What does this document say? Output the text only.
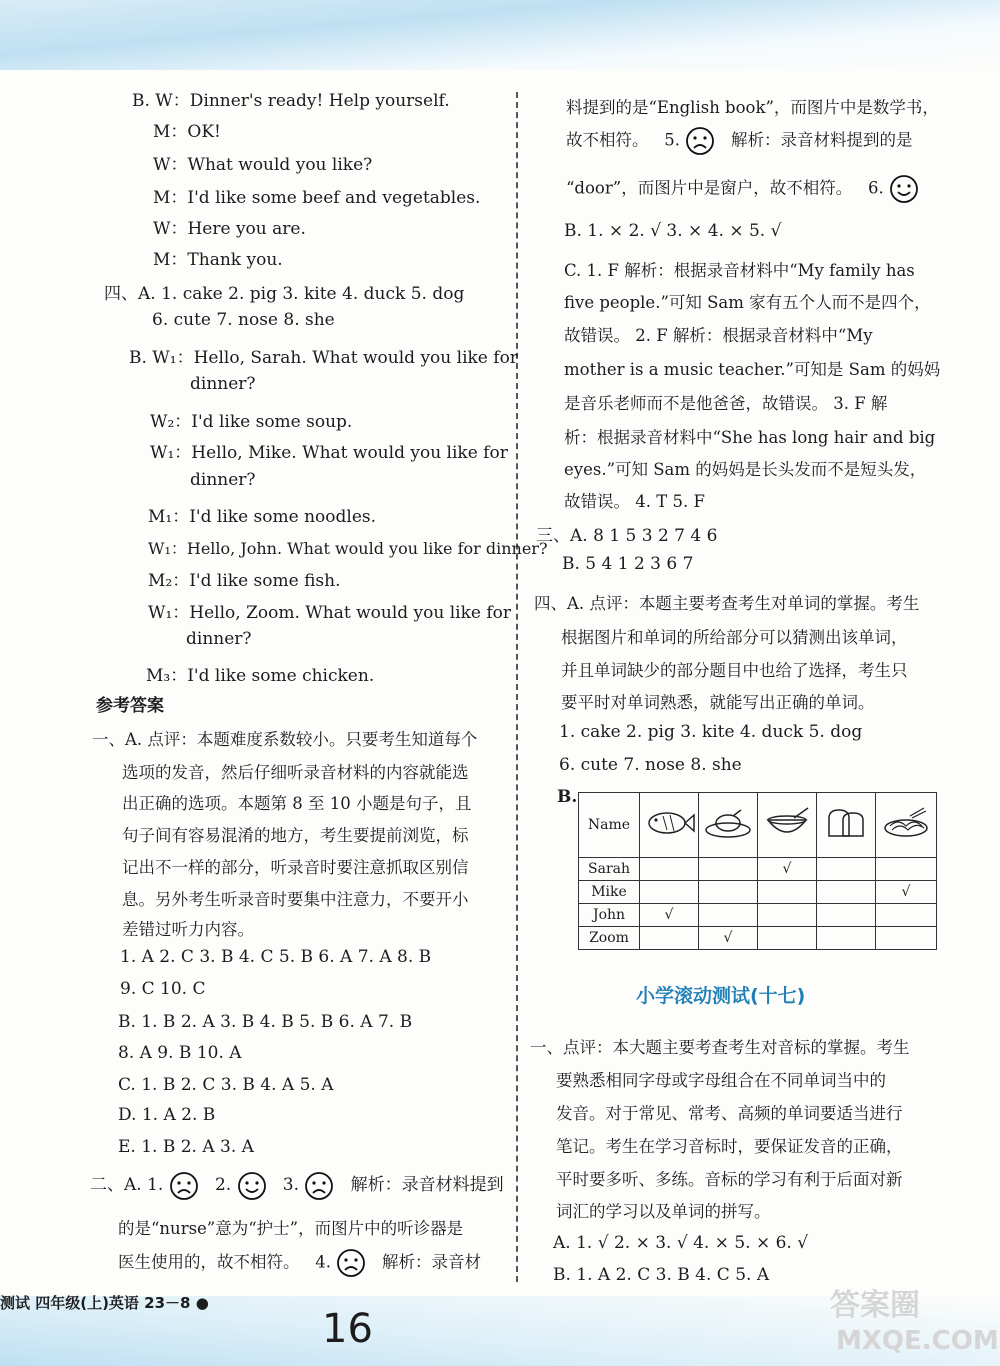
B. W：Dinner's ready! Help yourself.
M：OK!
W：What would you like?
M：I'd like some beef and vegetables.
W：Here you are.
M：Thank you.
四、A. 1. cake 2. pig 3. kite 4. duck 5. dog
6. cute 7. nose 8. she
B. W₁：Hello, Sarah. What would you like for
dinner?
W₂：I'd like some soup.
W₁：Hello, Mike. What would you like for
dinner?
M₁：I'd like some noodles.
W₁：Hello, John. What would you like for dinner?
M₂：I'd like some fish.
W₁：Hello, Zoom. What would you like for
dinner?
M₃：I'd like some chicken.
参考答案
一、A. 点评：本题难度系数较小。只要考生知道每个
选项的发音，然后仔细听录音材料的内容就能选
出正确的选项。本题第 8 至 10 小题是句子，且
句子间有容易混淆的地方，考生要提前浏览，标
记出不一样的部分，听录音时要注意抓取区别信
息。另外考生听录音时要集中注意力，不要开小
差错过听力内容。
1. A 2. C 3. B 4. C 5. B 6. A 7. A 8. B
9. C 10. C
B. 1. B 2. A 3. B 4. B 5. B 6. A 7. B
8. A 9. B 10. A
C. 1. B 2. C 3. B 4. A 5. A
D. 1. A 2. B
E. 1. B 2. A 3. A
二、A. 1.	2.	3.	解析：录音材料提到
的是“nurse”意为“护士”，而图片中的听诊器是
医生使用的，故不相符。 4.	解析：录音材
料提到的是“English book”，而图片中是数学书，
故不相符。 5.	解析：录音材料提到的是
“door”，而图片中是窗户，故不相符。 6.
B. 1. × 2. √ 3. × 4. × 5. √
C. 1. F 解析：根据录音材料中“My family has
five people.”可知 Sam 家有五个人而不是四个，
故错误。 2. F 解析：根据录音材料中“My
mother is a music teacher.”可知是 Sam 的妈妈
是音乐老师而不是他爸爸，故错误。 3. F 解
析：根据录音材料中“She has long hair and big
eyes.”可知 Sam 的妈妈是长头发而不是短头发，
故错误。 4. T 5. F
三、A. 8 1 5 3 2 7 4 6
B. 5 4 1 2 3 6 7
四、A. 点评：本题主要考查考生对单词的掌握。考生
根据图片和单词的所给部分可以猜测出该单词，
并且单词缺少的部分题目中也给了选择，考生只
要平时对单词熟悉，就能写出正确的单词。
1. cake 2. pig 3. kite 4. duck 5. dog
6. cute 7. nose 8. she
B.
Name					
Sarah			√		
Mike					√
John	√				
Zoom		√			
小学滚动测试(十七)
一、点评：本大题主要考查考生对音标的掌握。考生
要熟悉相同字母或字母组合在不同单词当中的
发音。对于常见、常考、高频的单词要适当进行
笔记。考生在学习音标时，要保证发音的正确，
平时要多听、多练。音标的学习有利于后面对新
词汇的学习以及单词的拼写。
A. 1. √ 2. × 3. √ 4. × 5. × 6. √
B. 1. A 2. C 3. B 4. C 5. A
测试 四年级(上)英语 23－8 ●
16
答案圈
MXQE.COM
